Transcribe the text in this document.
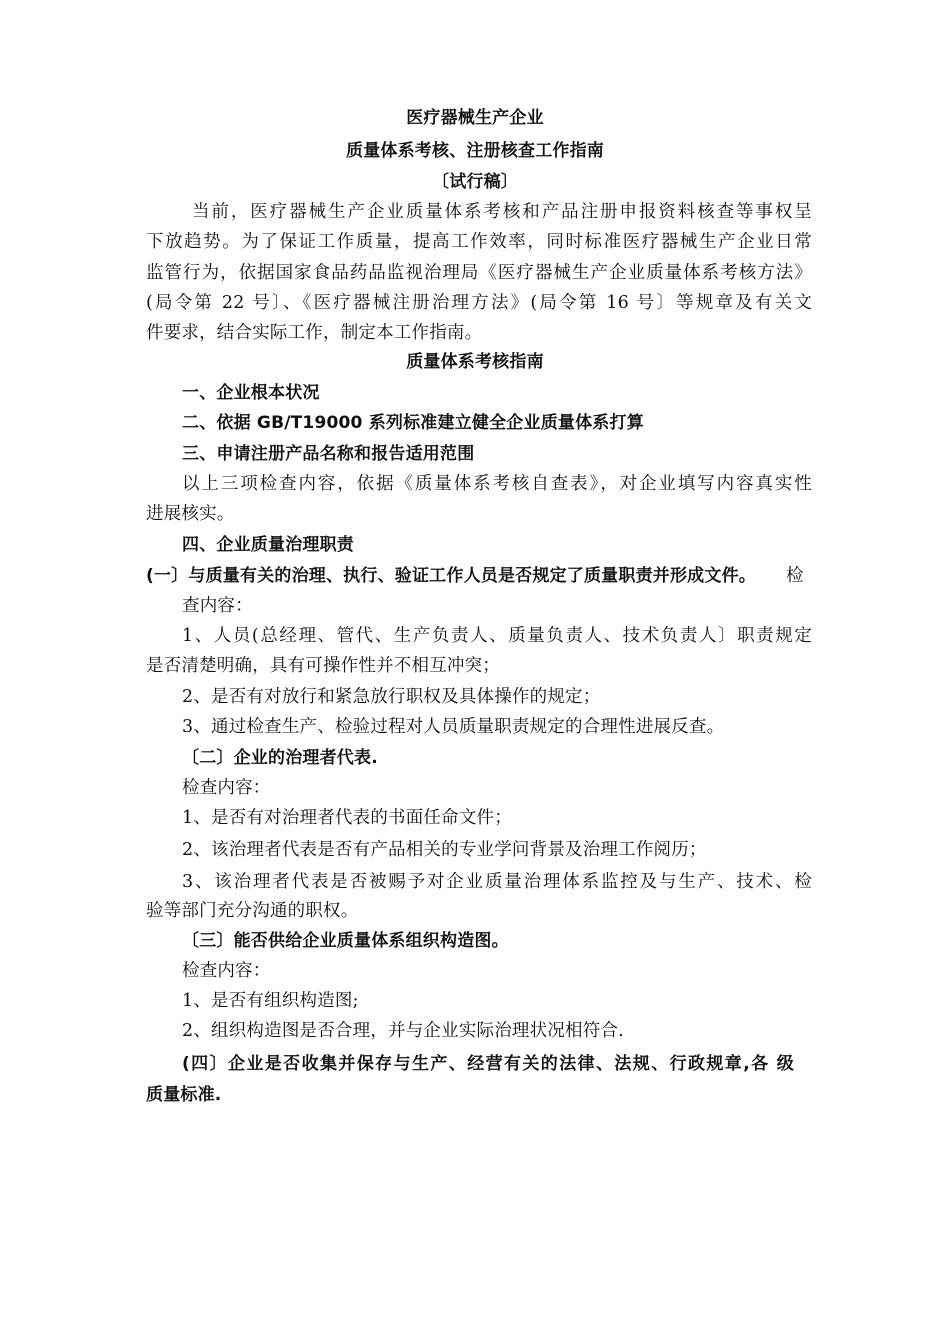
医疗器械生产企业
质量体系考核、注册核查工作指南
〔试行稿〕
当前，医疗器械生产企业质量体系考核和产品注册申报资料核查等事权呈
下放趋势。为了保证工作质量，提高工作效率，同时标准医疗器械生产企业日常
监管行为，依据国家食品药品监视治理局《医疗器械生产企业质量体系考核方法》
(局令第 22 号〕、《医疗器械注册治理方法》(局令第 16 号〕等规章及有关文
件要求，结合实际工作，制定本工作指南。
质量体系考核指南
一、企业根本状况
二、依据 GB/T19000 系列标准建立健全企业质量体系打算
三、申请注册产品名称和报告适用范围
以上三项检查内容，依据《质量体系考核自查表》，对企业填写内容真实性
进展核实。
四、企业质量治理职责
(一〕与质量有关的治理、执行、验证工作人员是否规定了质量职责并形成文件。 检
查内容：
1、人员(总经理、管代、生产负责人、质量负责人、技术负责人〕职责规定
是否清楚明确，具有可操作性并不相互冲突；
2、是否有对放行和紧急放行职权及具体操作的规定；
3、通过检查生产、检验过程对人员质量职责规定的合理性进展反查。
〔二〕企业的治理者代表.
检查内容：
1、是否有对治理者代表的书面任命文件；
2、该治理者代表是否有产品相关的专业学问背景及治理工作阅历；
3、该治理者代表是否被赐予对企业质量治理体系监控及与生产、技术、检
验等部门充分沟通的职权。
〔三〕能否供给企业质量体系组织构造图。
检查内容：
1、是否有组织构造图;
2、组织构造图是否合理，并与企业实际治理状况相符合.
(四〕企业是否收集并保存与生产、经营有关的法律、法规、行政规章,各 级
质量标准.
